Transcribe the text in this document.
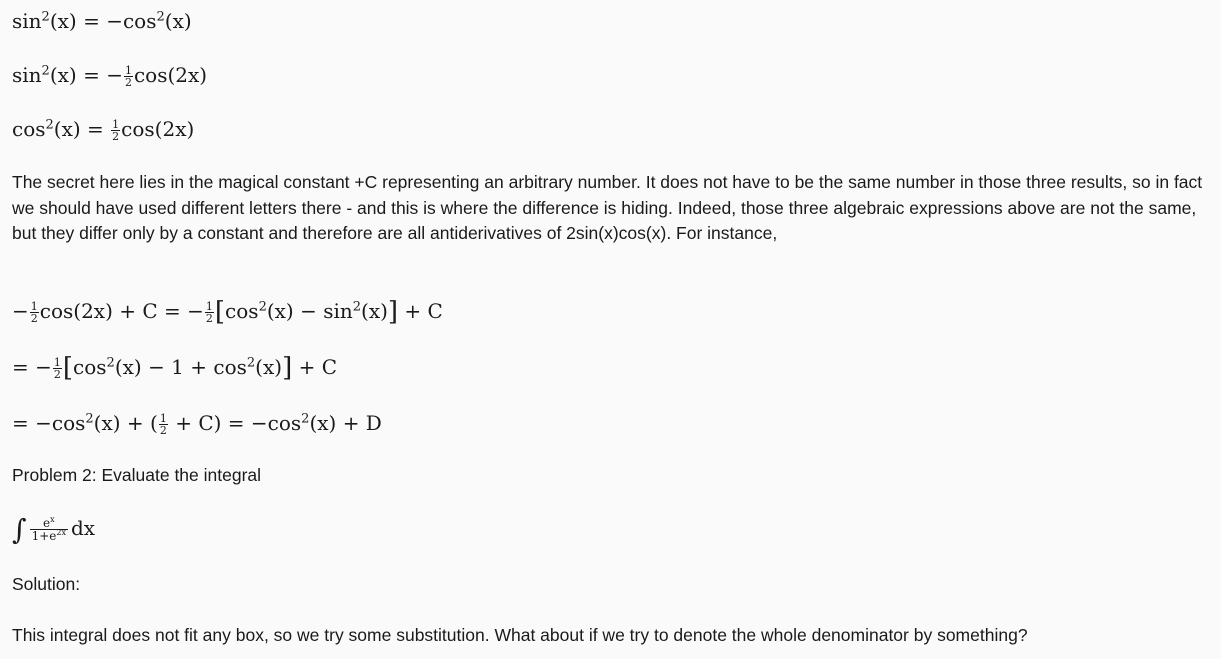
$\sin^2(x) = -\cos^2(x)$
$\sin^2(x)$ = − $\frac{1}{2} \cos(2x)$
$\cos^2(x) = \frac{1}{2} \cos(2x)$
The secret here lies in the magical constant +C representing an arbitrary number. It does not have to be the same number in those three results, so in fact we should have used different letters there - and this is where the difference is hiding. Indeed, those three algebraic expressions above are not the same, but they differ only by a constant and therefore are all antiderivatives of 2sin(x)cos(x). For instance,
− $\frac{1}{2} \cos(2x) + C$ = − $\frac{1}{2} [\cos^2(x) - \sin^2(x)] + C$
= − $\frac{1}{2} [\cos^2(x) - 1 + \cos^2(x)] + C$
= $-\cos^2(x)$ + ( $\frac{1}{2} + C) = -\cos^2(x) + D$
Problem 2: Evaluate the integral
∫ $\frac{e^x}{1+e^{2x}}$ dx
Solution:
This integral does not fit any box, so we try some substitution. What about if we try to denote the whole denominator by something?
